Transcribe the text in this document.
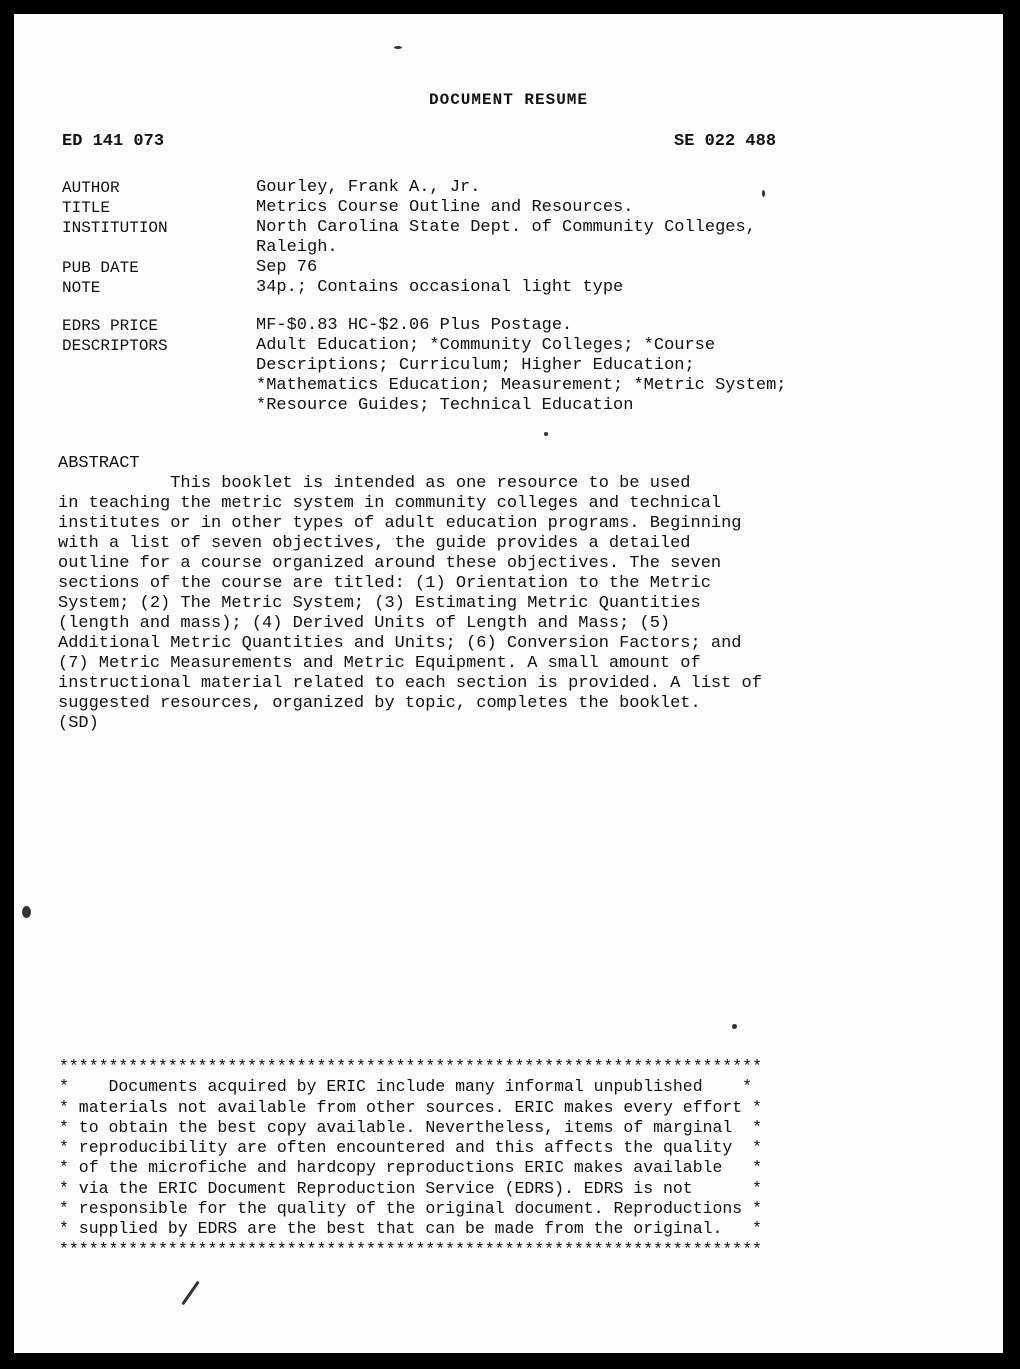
DOCUMENT RESUME
ED 141 073	SE 022 488
AUTHOR	Gourley, Frank A., Jr.
TITLE	Metrics Course Outline and Resources.
INSTITUTION	North Carolina State Dept. of Community Colleges,
Raleigh.
PUB DATE	Sep 76
NOTE	34p.; Contains occasional light type
EDRS PRICE	MF-$0.83 HC-$2.06 Plus Postage.
DESCRIPTORS	Adult Education; *Community Colleges; *Course
Descriptions; Curriculum; Higher Education;
*Mathematics Education; Measurement; *Metric System;
*Resource Guides; Technical Education

ABSTRACT

This booklet is intended as one resource to be used

in teaching the metric system in community colleges and technical

institutes or in other types of adult education programs. Beginning

with a list of seven objectives, the guide provides a detailed

outline for a course organized around these objectives. The seven

sections of the course are titled: (1) Orientation to the Metric

System; (2) The Metric System; (3) Estimating Metric Quantities

(length and mass); (4) Derived Units of Length and Mass; (5)

Additional Metric Quantities and Units; (6) Conversion Factors; and

(7) Metric Measurements and Metric Equipment. A small amount of

instructional material related to each section is provided. A list of

suggested resources, organized by topic, completes the booklet.

(SD)

***********************************************************************
*    Documents acquired by ERIC include many informal unpublished    *
* materials not available from other sources. ERIC makes every effort *
* to obtain the best copy available. Nevertheless, items of marginal  *
* reproducibility are often encountered and this affects the quality  *
* of the microfiche and hardcopy reproductions ERIC makes available   *
* via the ERIC Document Reproduction Service (EDRS). EDRS is not      *
* responsible for the quality of the original document. Reproductions *
* supplied by EDRS are the best that can be made from the original.   *
***********************************************************************
